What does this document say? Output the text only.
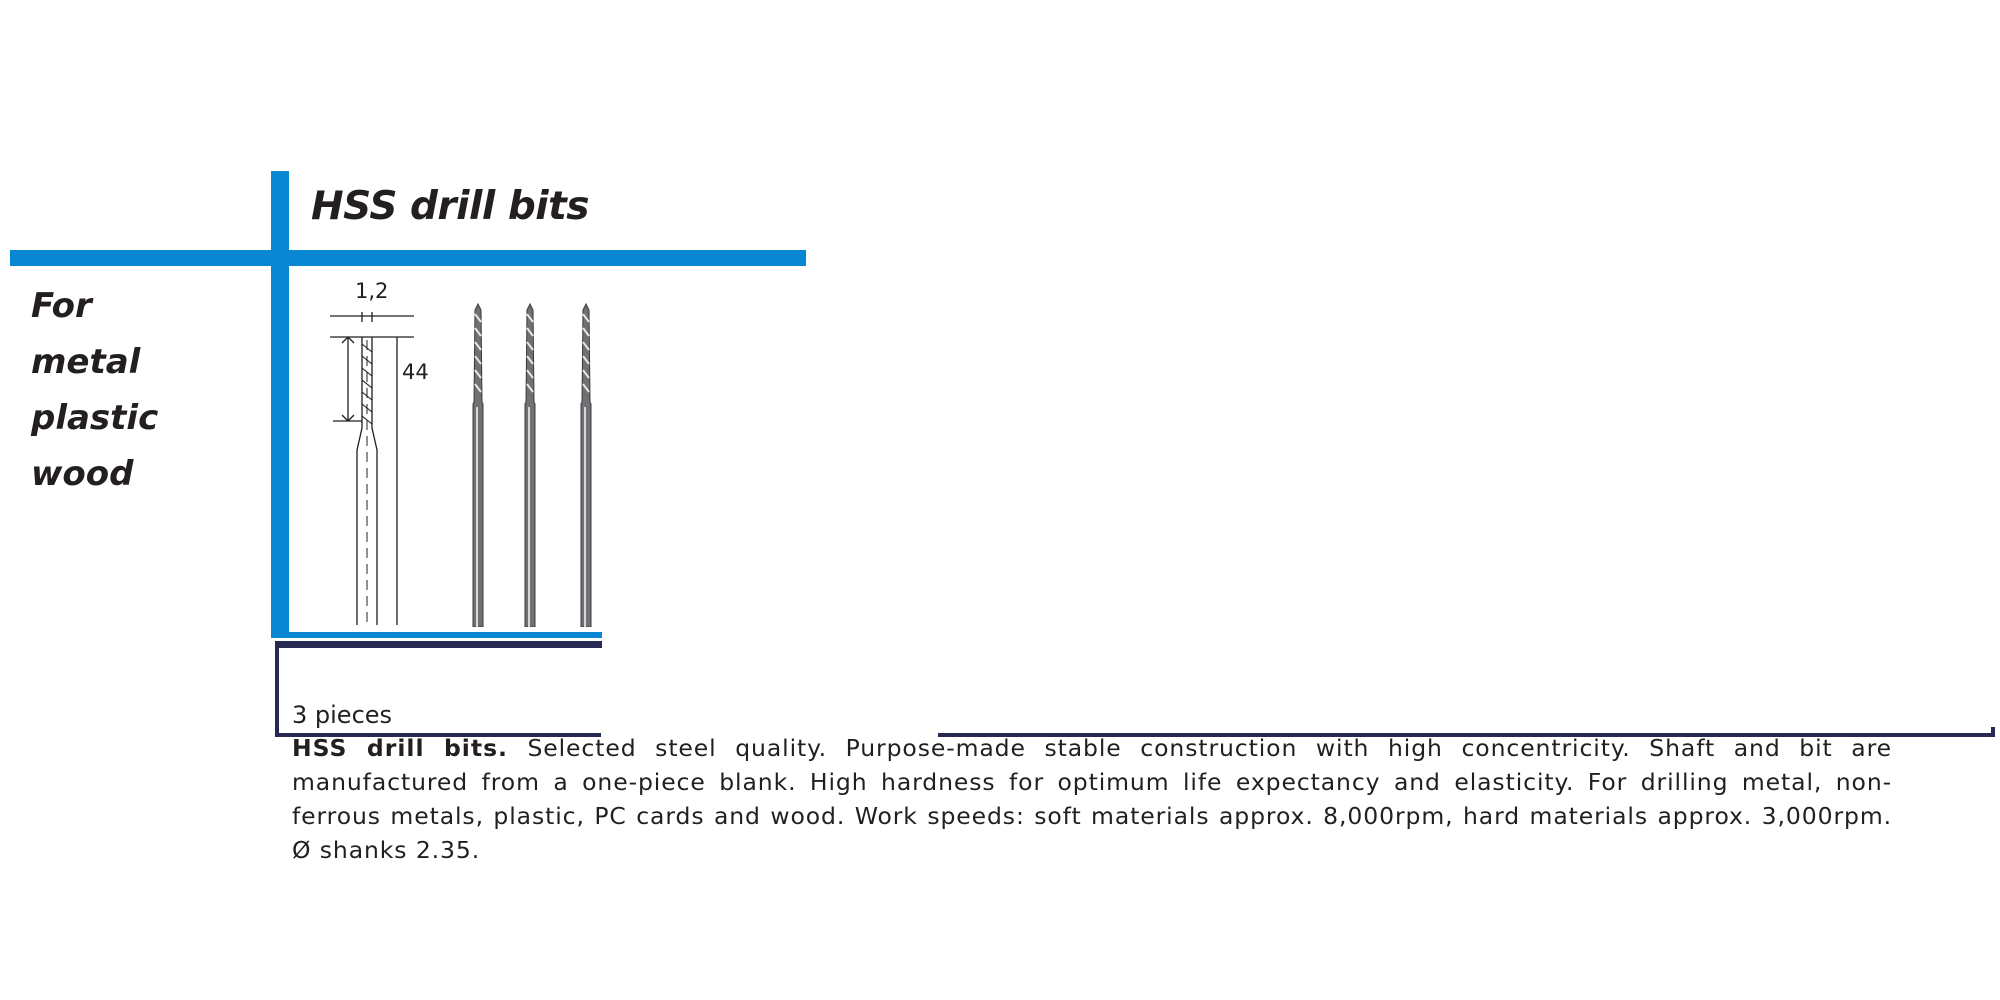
HSS drill bits
For
metal
plastic
wood
1,2
44
3 pieces
HSS drill bits. Selected steel quality. Purpose-made stable construction with high concentricity. Shaft and bit are manufactured from a one-piece blank. High hardness for optimum life expectancy and elasticity. For drilling metal, non-ferrous metals, plastic, PC cards and wood. Work speeds: soft materials approx. 8,000rpm, hard materials approx. 3,000rpm. Ø shanks 2.35.
